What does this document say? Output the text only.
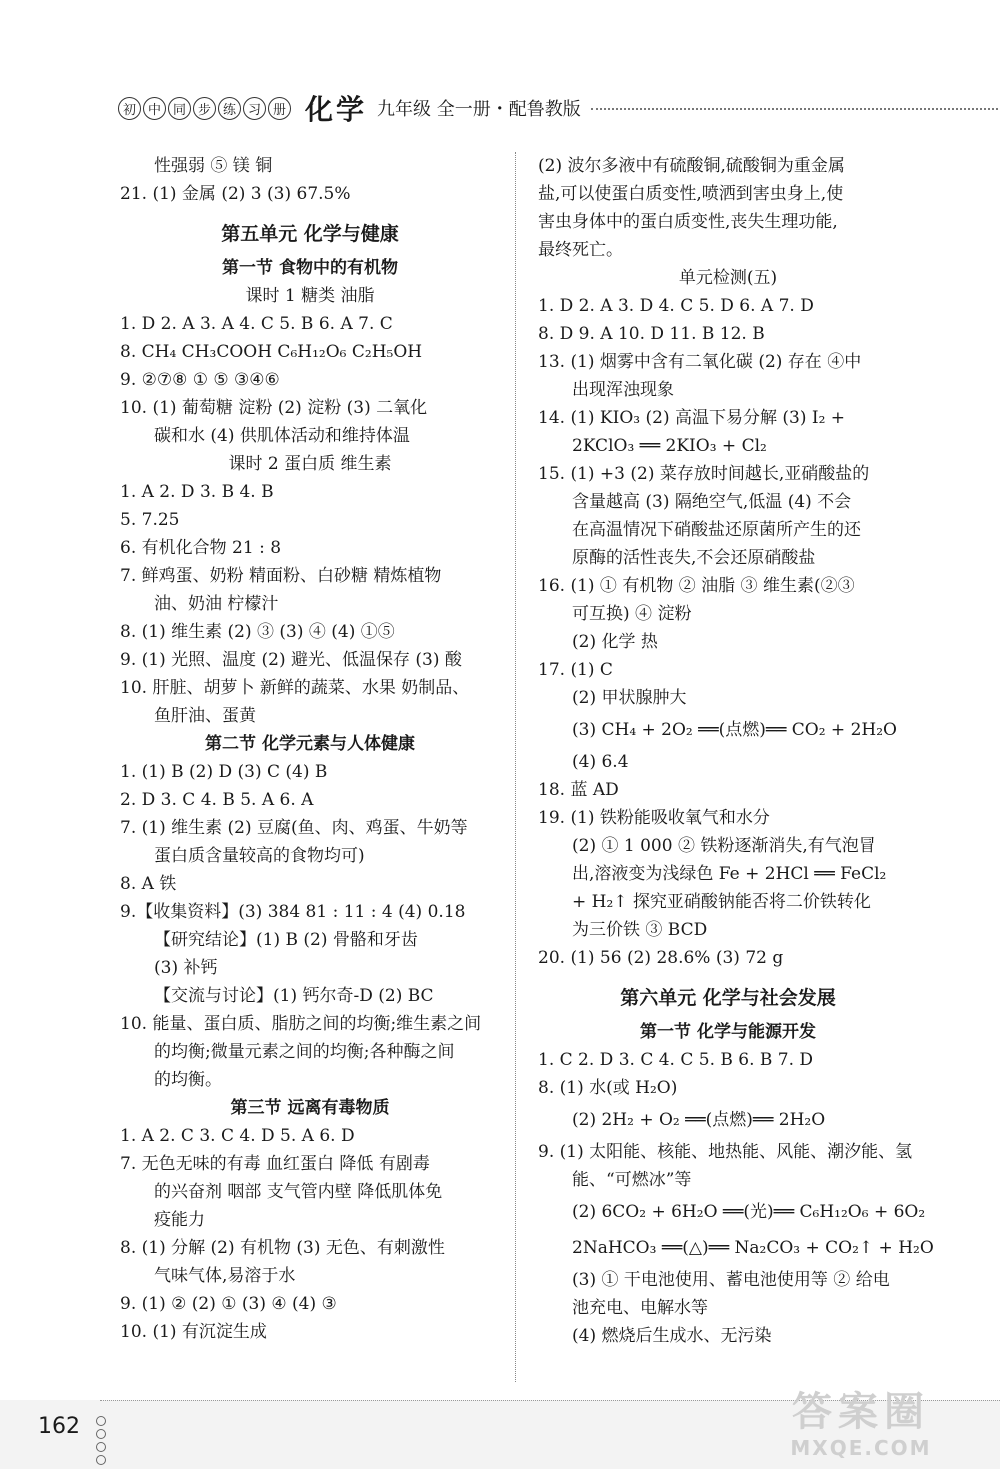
初 中 同 步 练 习 册 化学 九年级 全一册・配鲁教版
性强弱 ⑤ 镁 铜
21. (1) 金属 (2) 3 (3) 67.5%
第五单元 化学与健康
第一节 食物中的有机物
课时 1 糖类 油脂
1. D 2. A 3. A 4. C 5. B 6. A 7. C
8. CH₄ CH₃COOH C₆H₁₂O₆ C₂H₅OH
9. ②⑦⑧ ① ⑤ ③④⑥
10. (1) 葡萄糖 淀粉 (2) 淀粉 (3) 二氧化
碳和水 (4) 供肌体活动和维持体温
课时 2 蛋白质 维生素
1. A 2. D 3. B 4. B
5. 7.25
6. 有机化合物 21 : 8
7. 鲜鸡蛋、奶粉 精面粉、白砂糖 精炼植物
油、奶油 柠檬汁
8. (1) 维生素 (2) ③ (3) ④ (4) ①⑤
9. (1) 光照、温度 (2) 避光、低温保存 (3) 酸
10. 肝脏、胡萝卜 新鲜的蔬菜、水果 奶制品、
鱼肝油、蛋黄
第二节 化学元素与人体健康
1. (1) B (2) D (3) C (4) B
2. D 3. C 4. B 5. A 6. A
7. (1) 维生素 (2) 豆腐(鱼、肉、鸡蛋、牛奶等
蛋白质含量较高的食物均可)
8. A 铁
9.【收集资料】(3) 384 81 : 11 : 4 (4) 0.18
【研究结论】(1) B (2) 骨骼和牙齿
(3) 补钙
【交流与讨论】(1) 钙尔奇-D (2) BC
10. 能量、蛋白质、脂肪之间的均衡;维生素之间
的均衡;微量元素之间的均衡;各种酶之间
的均衡。
第三节 远离有毒物质
1. A 2. C 3. C 4. D 5. A 6. D
7. 无色无味的有毒 血红蛋白 降低 有剧毒
的兴奋剂 咽部 支气管内壁 降低肌体免
疫能力
8. (1) 分解 (2) 有机物 (3) 无色、有刺激性
气味气体,易溶于水
9. (1) ② (2) ① (3) ④ (4) ③
10. (1) 有沉淀生成
(2) 波尔多液中有硫酸铜,硫酸铜为重金属
盐,可以使蛋白质变性,喷洒到害虫身上,使
害虫身体中的蛋白质变性,丧失生理功能,
最终死亡。
单元检测(五)
1. D 2. A 3. D 4. C 5. D 6. A 7. D
8. D 9. A 10. D 11. B 12. B
13. (1) 烟雾中含有二氧化碳 (2) 存在 ④中
出现浑浊现象
14. (1) KIO₃ (2) 高温下易分解 (3) I₂ +
2KClO₃ ══ 2KIO₃ + Cl₂
15. (1) +3 (2) 菜存放时间越长,亚硝酸盐的
含量越高 (3) 隔绝空气,低温 (4) 不会
在高温情况下硝酸盐还原菌所产生的还
原酶的活性丧失,不会还原硝酸盐
16. (1) ① 有机物 ② 油脂 ③ 维生素(②③
可互换) ④ 淀粉
(2) 化学 热
17. (1) C
(2) 甲状腺肿大
(3) CH₄ + 2O₂ ══(点燃)══ CO₂ + 2H₂O
(4) 6.4
18. 蓝 AD
19. (1) 铁粉能吸收氧气和水分
(2) ① 1 000 ② 铁粉逐渐消失,有气泡冒
出,溶液变为浅绿色 Fe + 2HCl ══ FeCl₂
+ H₂↑ 探究亚硝酸钠能否将二价铁转化
为三价铁 ③ BCD
20. (1) 56 (2) 28.6% (3) 72 g
第六单元 化学与社会发展
第一节 化学与能源开发
1. C 2. D 3. C 4. C 5. B 6. B 7. D
8. (1) 水(或 H₂O)
(2) 2H₂ + O₂ ══(点燃)══ 2H₂O
9. (1) 太阳能、核能、地热能、风能、潮汐能、氢
能、“可燃冰”等
(2) 6CO₂ + 6H₂O ══(光)══ C₆H₁₂O₆ + 6O₂
2NaHCO₃ ══(△)══ Na₂CO₃ + CO₂↑ + H₂O
(3) ① 干电池使用、蓄电池使用等 ② 给电
池充电、电解水等
(4) 燃烧后生成水、无污染
162	答案圈
MXQE.COM
